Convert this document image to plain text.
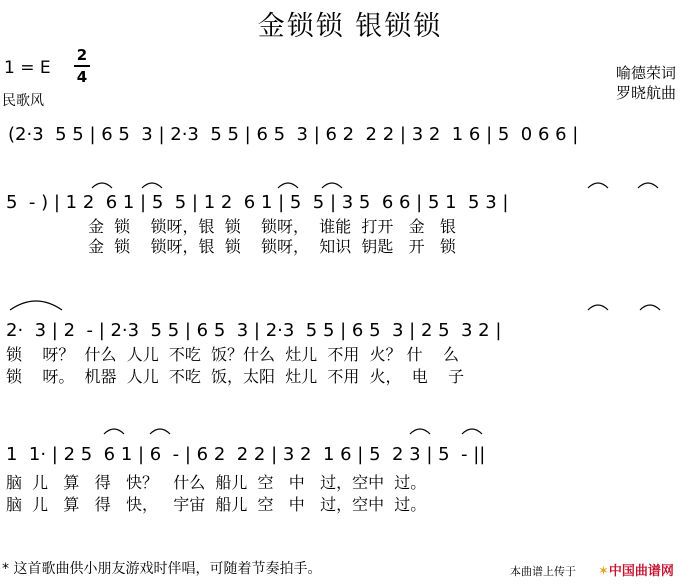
金锁锁 银锁锁
1 = E
2
4
民歌风
喻德荣词
罗晓航曲
(2·3  5 5 | 6 5  3 | 2·3  5 5 | 6 5  3 | 6 2  2 2 | 3 2  1 6 | 5  0 6 6 |
5  - ) | 1 2  6 1 | 5  5 | 1 2  6 1 | 5  5 | 3 5  6 6 | 5 1  5 3 |
金  锁    锁呀，银  锁    锁呀，  谁能  打开   金   银
金  锁    锁呀，银  锁    锁呀，  知识  钥匙   开   锁
2·  3 | 2  - | 2·3  5 5 | 6 5  3 | 2·3  5 5 | 6 5  3 | 2 5  3 2 |
锁    呀？  什么  人儿  不吃  饭？什么  灶儿  不用  火？ 什    么
锁    呀。  机器  人儿  不吃  饭，太阳  灶儿  不用  火，  电    子
1  1· | 2 5  6 1 | 6  - | 6 2  2 2 | 3 2  1 6 | 5  2 3 | 5  - ||
脑  儿   算   得   快？   什么  船儿  空   中   过，空中  过。
脑  儿   算   得   快，   宇宙  船儿  空   中   过，空中  过。
* 这首歌曲供小朋友游戏时伴唱，可随着节奏拍手。	本曲谱上传于 ✶中国曲谱网
